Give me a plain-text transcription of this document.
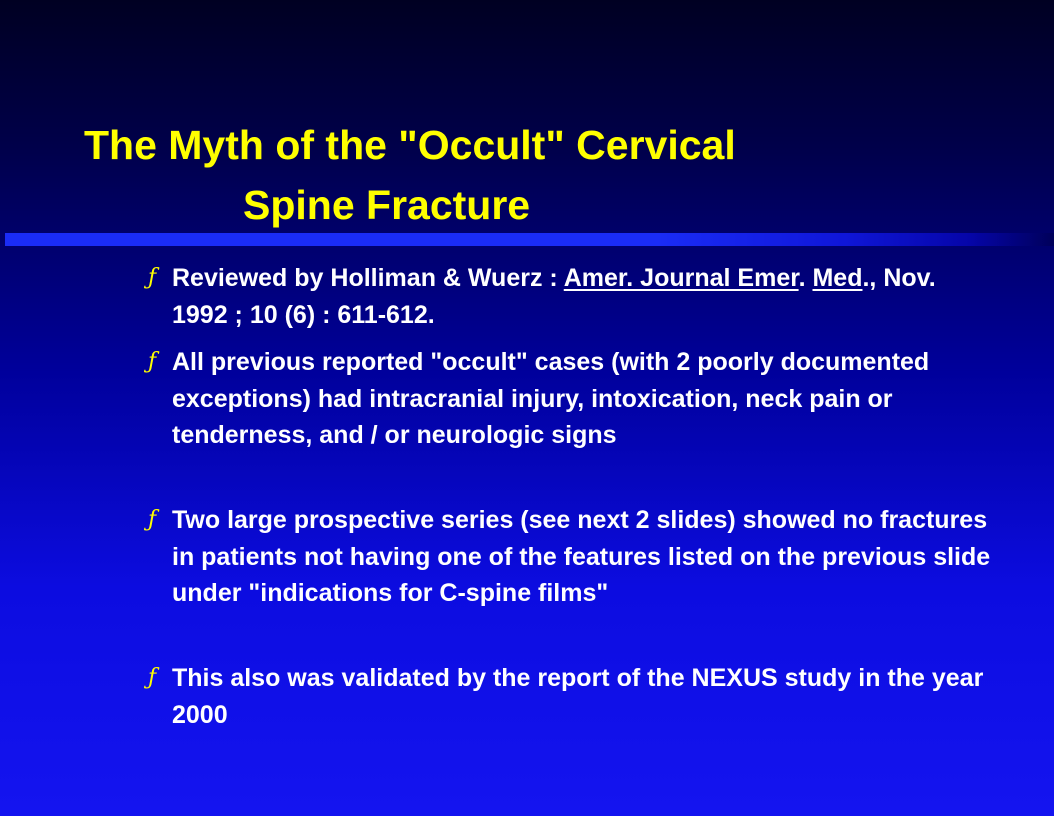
The Myth of the "Occult" Cervical
Spine Fracture
ƒ Reviewed by Holliman & Wuerz : Amer. Journal Emer. Med., Nov. 1992 ; 10 (6) : 611-612.
ƒ All previous reported "occult" cases (with 2 poorly documented exceptions) had intracranial injury, intoxication, neck pain or tenderness, and / or neurologic signs
ƒ Two large prospective series (see next 2 slides) showed no fractures in patients not having one of the features listed on the previous slide under "indications for C-spine films"
ƒ This also was validated by the report of the NEXUS study in the year 2000
